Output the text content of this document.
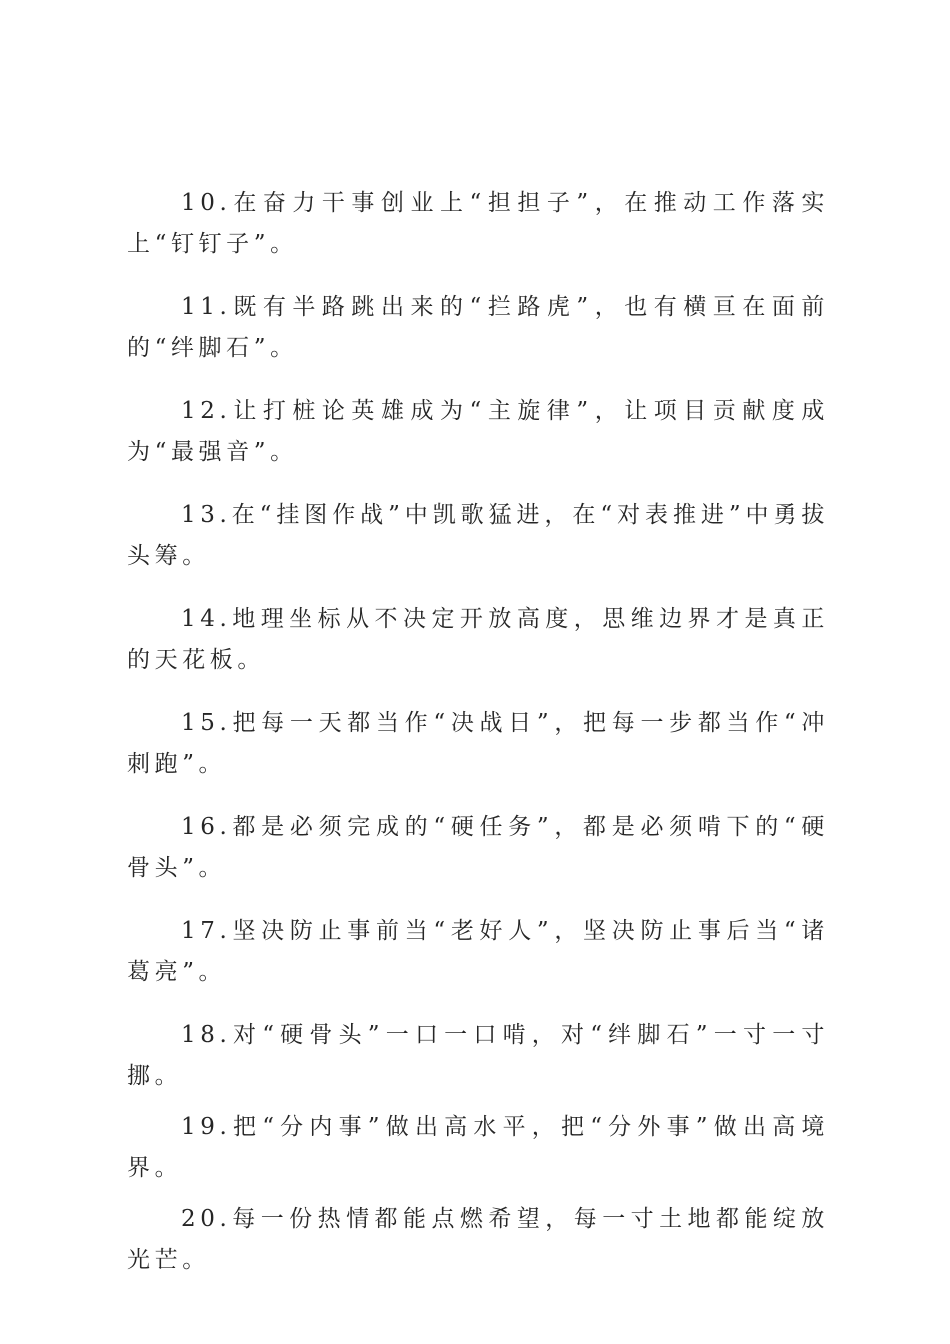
10.在奋力干事创业上“担担子”，在推动工作落实上“钉钉子”。

11.既有半路跳出来的“拦路虎”，也有横亘在面前的“绊脚石”。

12.让打桩论英雄成为“主旋律”，让项目贡献度成为“最强音”。

13.在“挂图作战”中凯歌猛进，在“对表推进”中勇拔头筹。

14.地理坐标从不决定开放高度，思维边界才是真正的天花板。

15.把每一天都当作“决战日”，把每一步都当作“冲刺跑”。

16.都是必须完成的“硬任务”，都是必须啃下的“硬骨头”。

17.坚决防止事前当“老好人”，坚决防止事后当“诸葛亮”。

18.对“硬骨头”一口一口啃，对“绊脚石”一寸一寸挪。

19.把“分内事”做出高水平，把“分外事”做出高境界。

20.每一份热情都能点燃希望，每一寸土地都能绽放光芒。
